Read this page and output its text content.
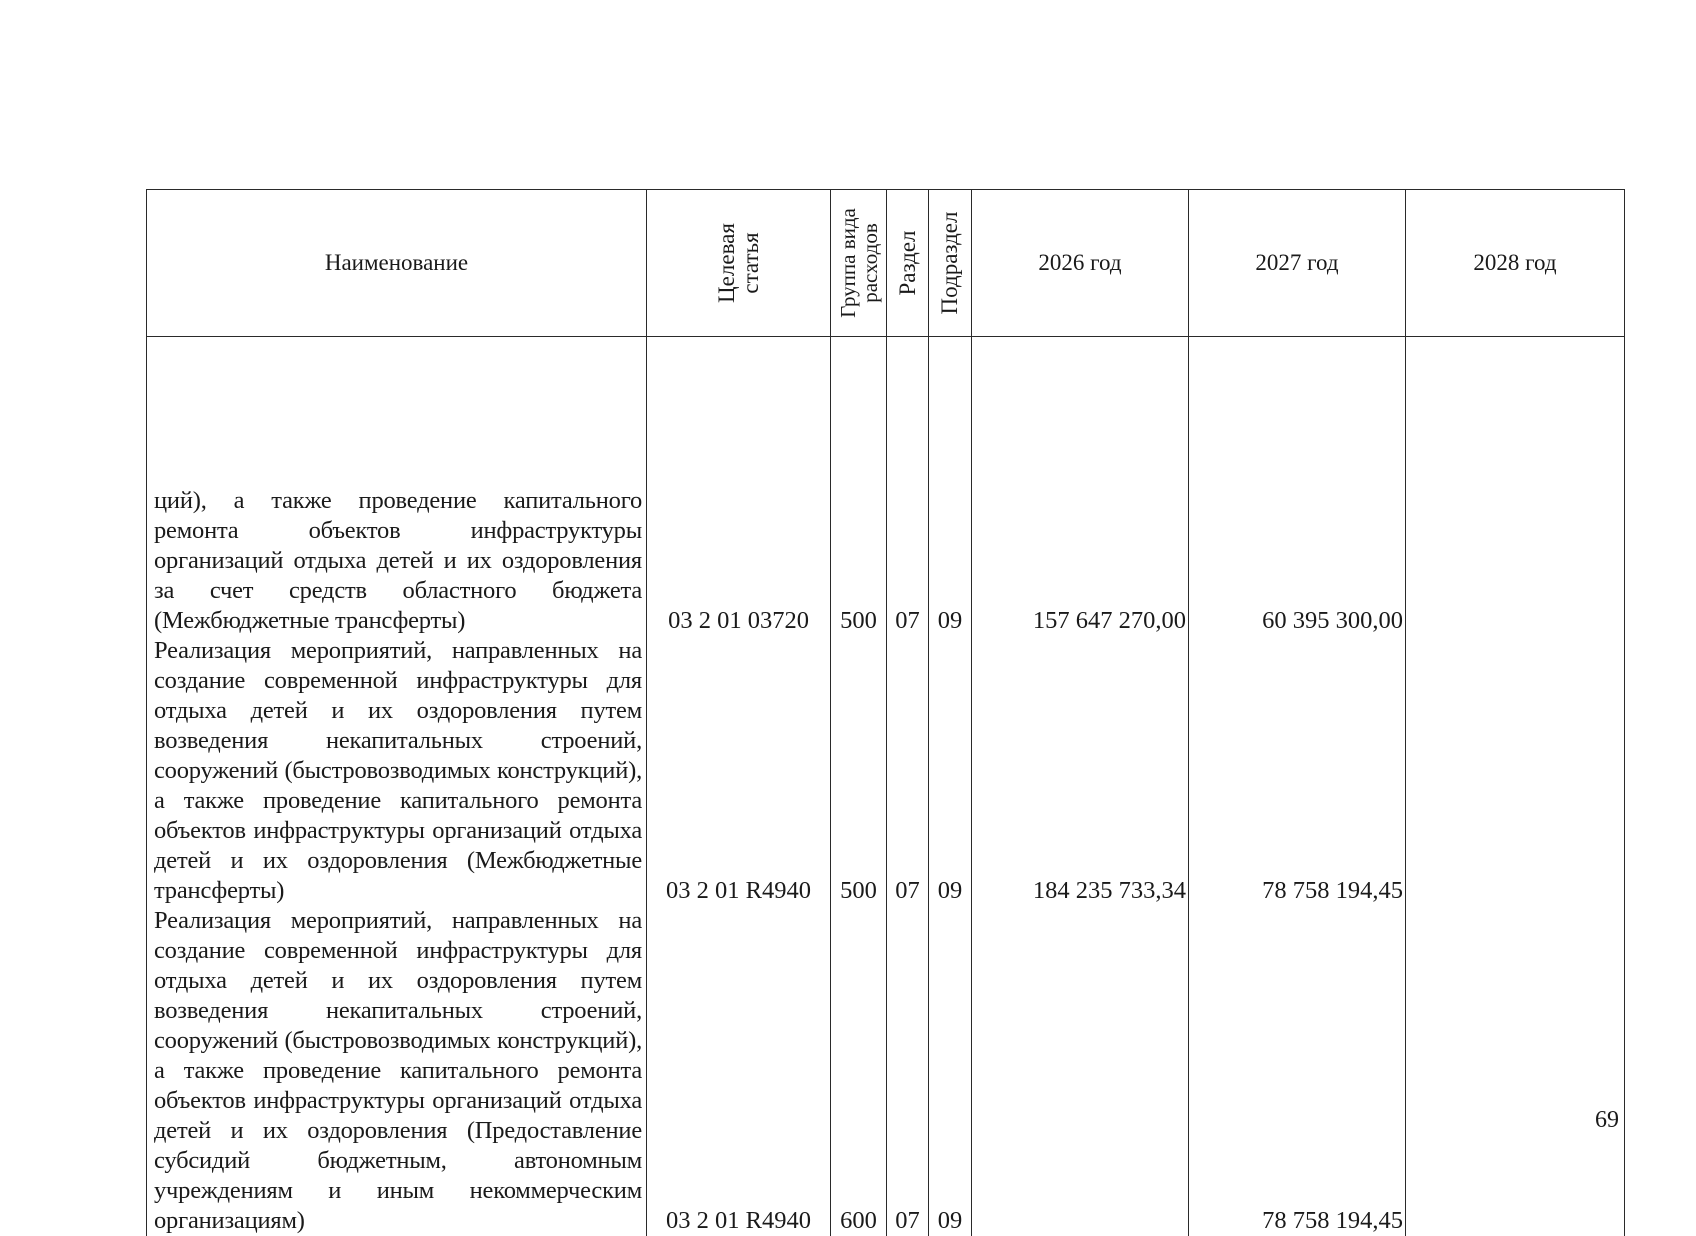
Наименование	Целевая статья	Группа вида расходов	Раздел	Подраздел	2026 год	2027 год	2028 год
ций), а также проведение капитального ремонта объектов инфраструктуры организаций отдыха детей и их оздоровления за счет средств областного бюджета (Межбюджетные трансферты)	03 2 01 03720	500	07	09	157 647 270,00	60 395 300,00	
Реализация мероприятий, направленных на создание современной инфраструктуры для отдыха детей и их оздоровления путем возведения некапитальных строений, сооружений (быстровозводимых конструкций), а также проведение капитального ремонта объектов инфраструктуры организаций отдыха детей и их оздоровления (Межбюджетные трансферты)	03 2 01 R4940	500	07	09	184 235 733,34	78 758 194,45	
Реализация мероприятий, направленных на создание современной инфраструктуры для отдыха детей и их оздоровления путем возведения некапитальных строений, сооружений (быстровозводимых конструкций), а также проведение капитального ремонта объектов инфраструктуры организаций отдыха детей и их оздоровления (Предоставление субсидий бюджетным, автономным учреждениям и иным некоммерческим организациям)	03 2 01 R4940	600	07	09		78 758 194,45	
69
